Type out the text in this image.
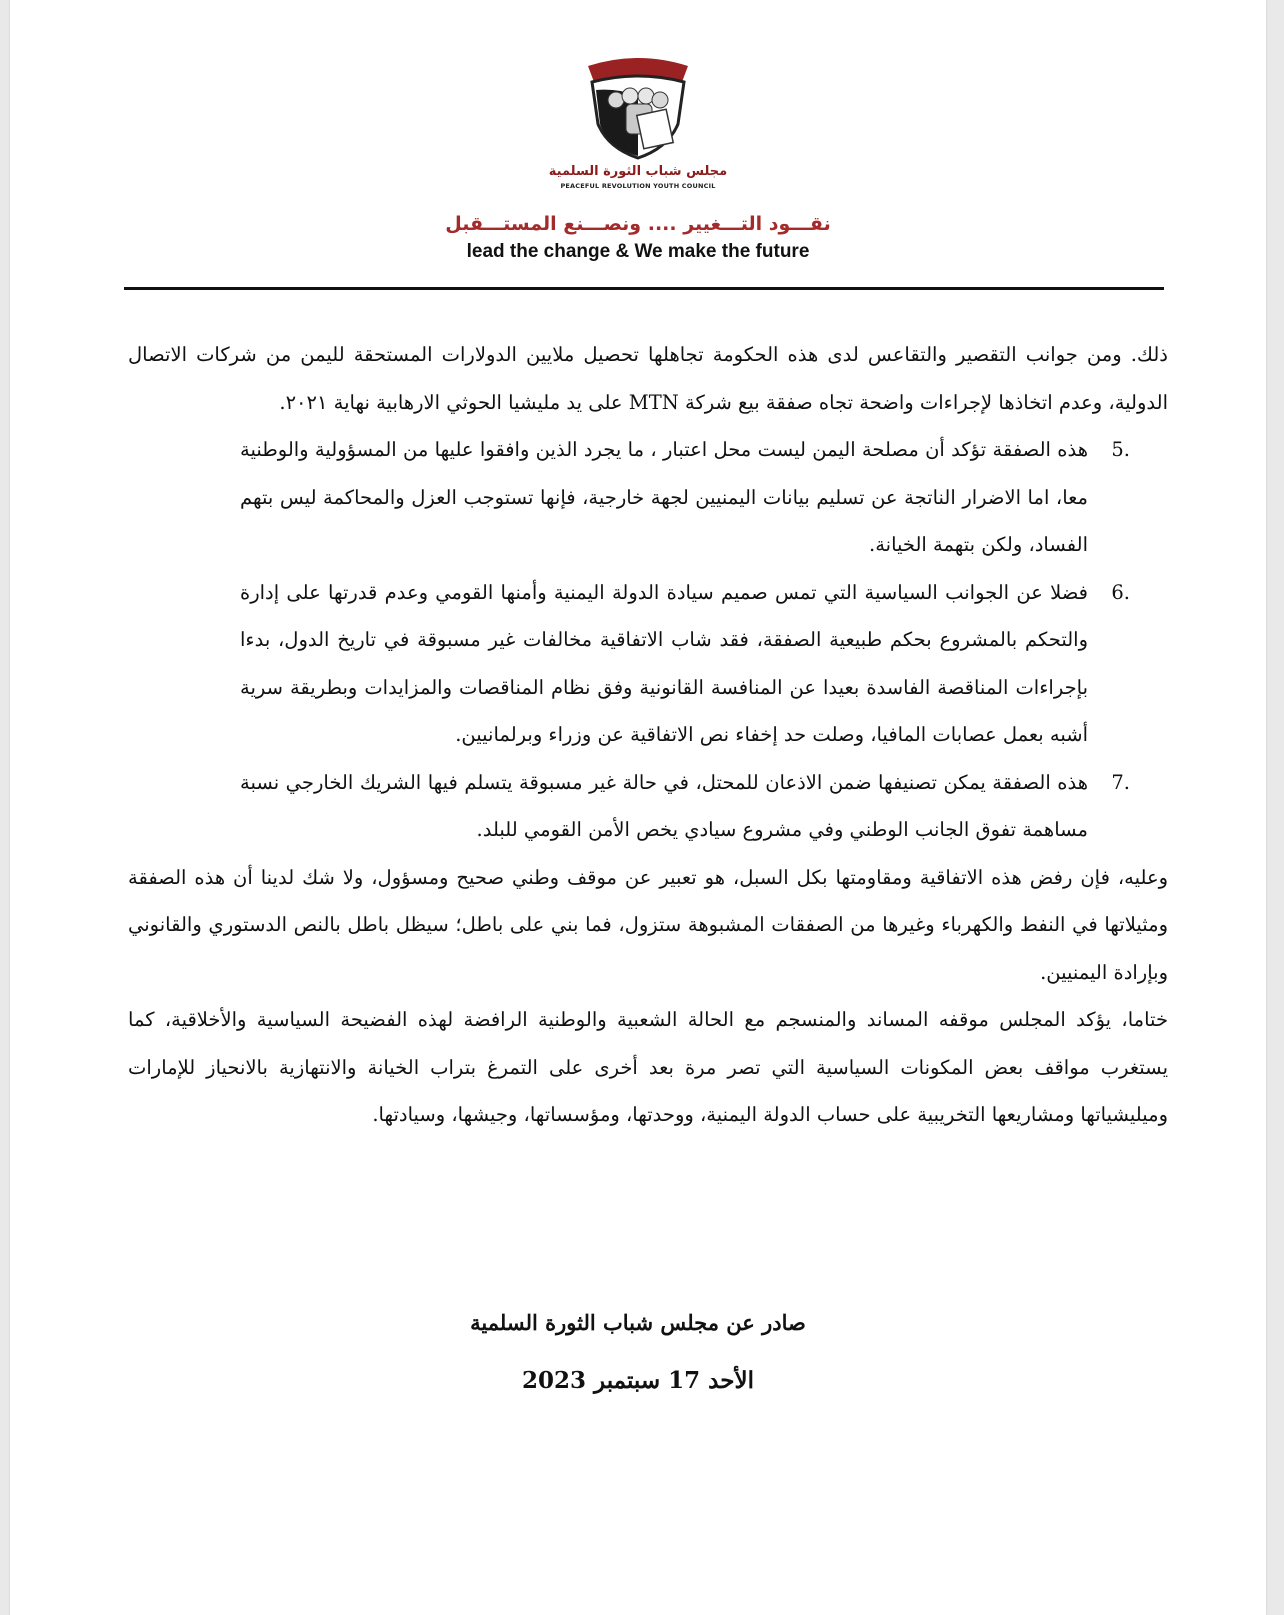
مجلس شباب الثورة السلمية
PEACEFUL REVOLUTION YOUTH COUNCIL
نقـــود التـــغيير .... ونصـــنع المستـــقبل
lead the change & We make the future

ذلك. ومن جوانب التقصير والتقاعس لدى هذه الحكومة تجاهلها تحصيل ملايين الدولارات المستحقة لليمن من شركات الاتصال الدولية، وعدم اتخاذها لإجراءات واضحة تجاه صفقة بيع شركة MTN على يد مليشيا الحوثي الارهابية نهاية ٢٠٢١.

5.
هذه الصفقة تؤكد أن مصلحة اليمن ليست محل اعتبار ، ما يجرد الذين وافقوا عليها من المسؤولية والوطنية معا، اما الاضرار الناتجة عن تسليم بيانات اليمنيين لجهة خارجية، فإنها تستوجب العزل والمحاكمة ليس بتهم الفساد، ولكن بتهمة الخيانة.
6.
فضلا عن الجوانب السياسية التي تمس صميم سيادة الدولة اليمنية وأمنها القومي وعدم قدرتها على إدارة والتحكم بالمشروع بحكم طبيعية الصفقة، فقد شاب الاتفاقية مخالفات غير مسبوقة في تاريخ الدول، بدءا بإجراءات المناقصة الفاسدة بعيدا عن المنافسة القانونية وفق نظام المناقصات والمزايدات وبطريقة سرية أشبه بعمل عصابات المافيا، وصلت حد إخفاء نص الاتفاقية عن وزراء وبرلمانيين.
7.
هذه الصفقة يمكن تصنيفها ضمن الاذعان للمحتل، في حالة غير مسبوقة يتسلم فيها الشريك الخارجي نسبة مساهمة تفوق الجانب الوطني وفي مشروع سيادي يخص الأمن القومي للبلد.

وعليه، فإن رفض هذه الاتفاقية ومقاومتها بكل السبل، هو تعبير عن موقف وطني صحيح ومسؤول، ولا شك لدينا أن هذه الصفقة ومثيلاتها في النفط والكهرباء وغيرها من الصفقات المشبوهة ستزول، فما بني على باطل؛ سيظل باطل بالنص الدستوري والقانوني وبإرادة اليمنيين.

ختاما، يؤكد المجلس موقفه المساند والمنسجم مع الحالة الشعبية والوطنية الرافضة لهذه الفضيحة السياسية والأخلاقية، كما يستغرب مواقف بعض المكونات السياسية التي تصر مرة بعد أخرى على التمرغ بتراب الخيانة والانتهازية بالانحياز للإمارات وميليشياتها ومشاريعها التخريبية على حساب الدولة اليمنية، ووحدتها، ومؤسساتها، وجيشها، وسيادتها.

صادر عن مجلس شباب الثورة السلمية
الأحد 17 سبتمبر 2023
